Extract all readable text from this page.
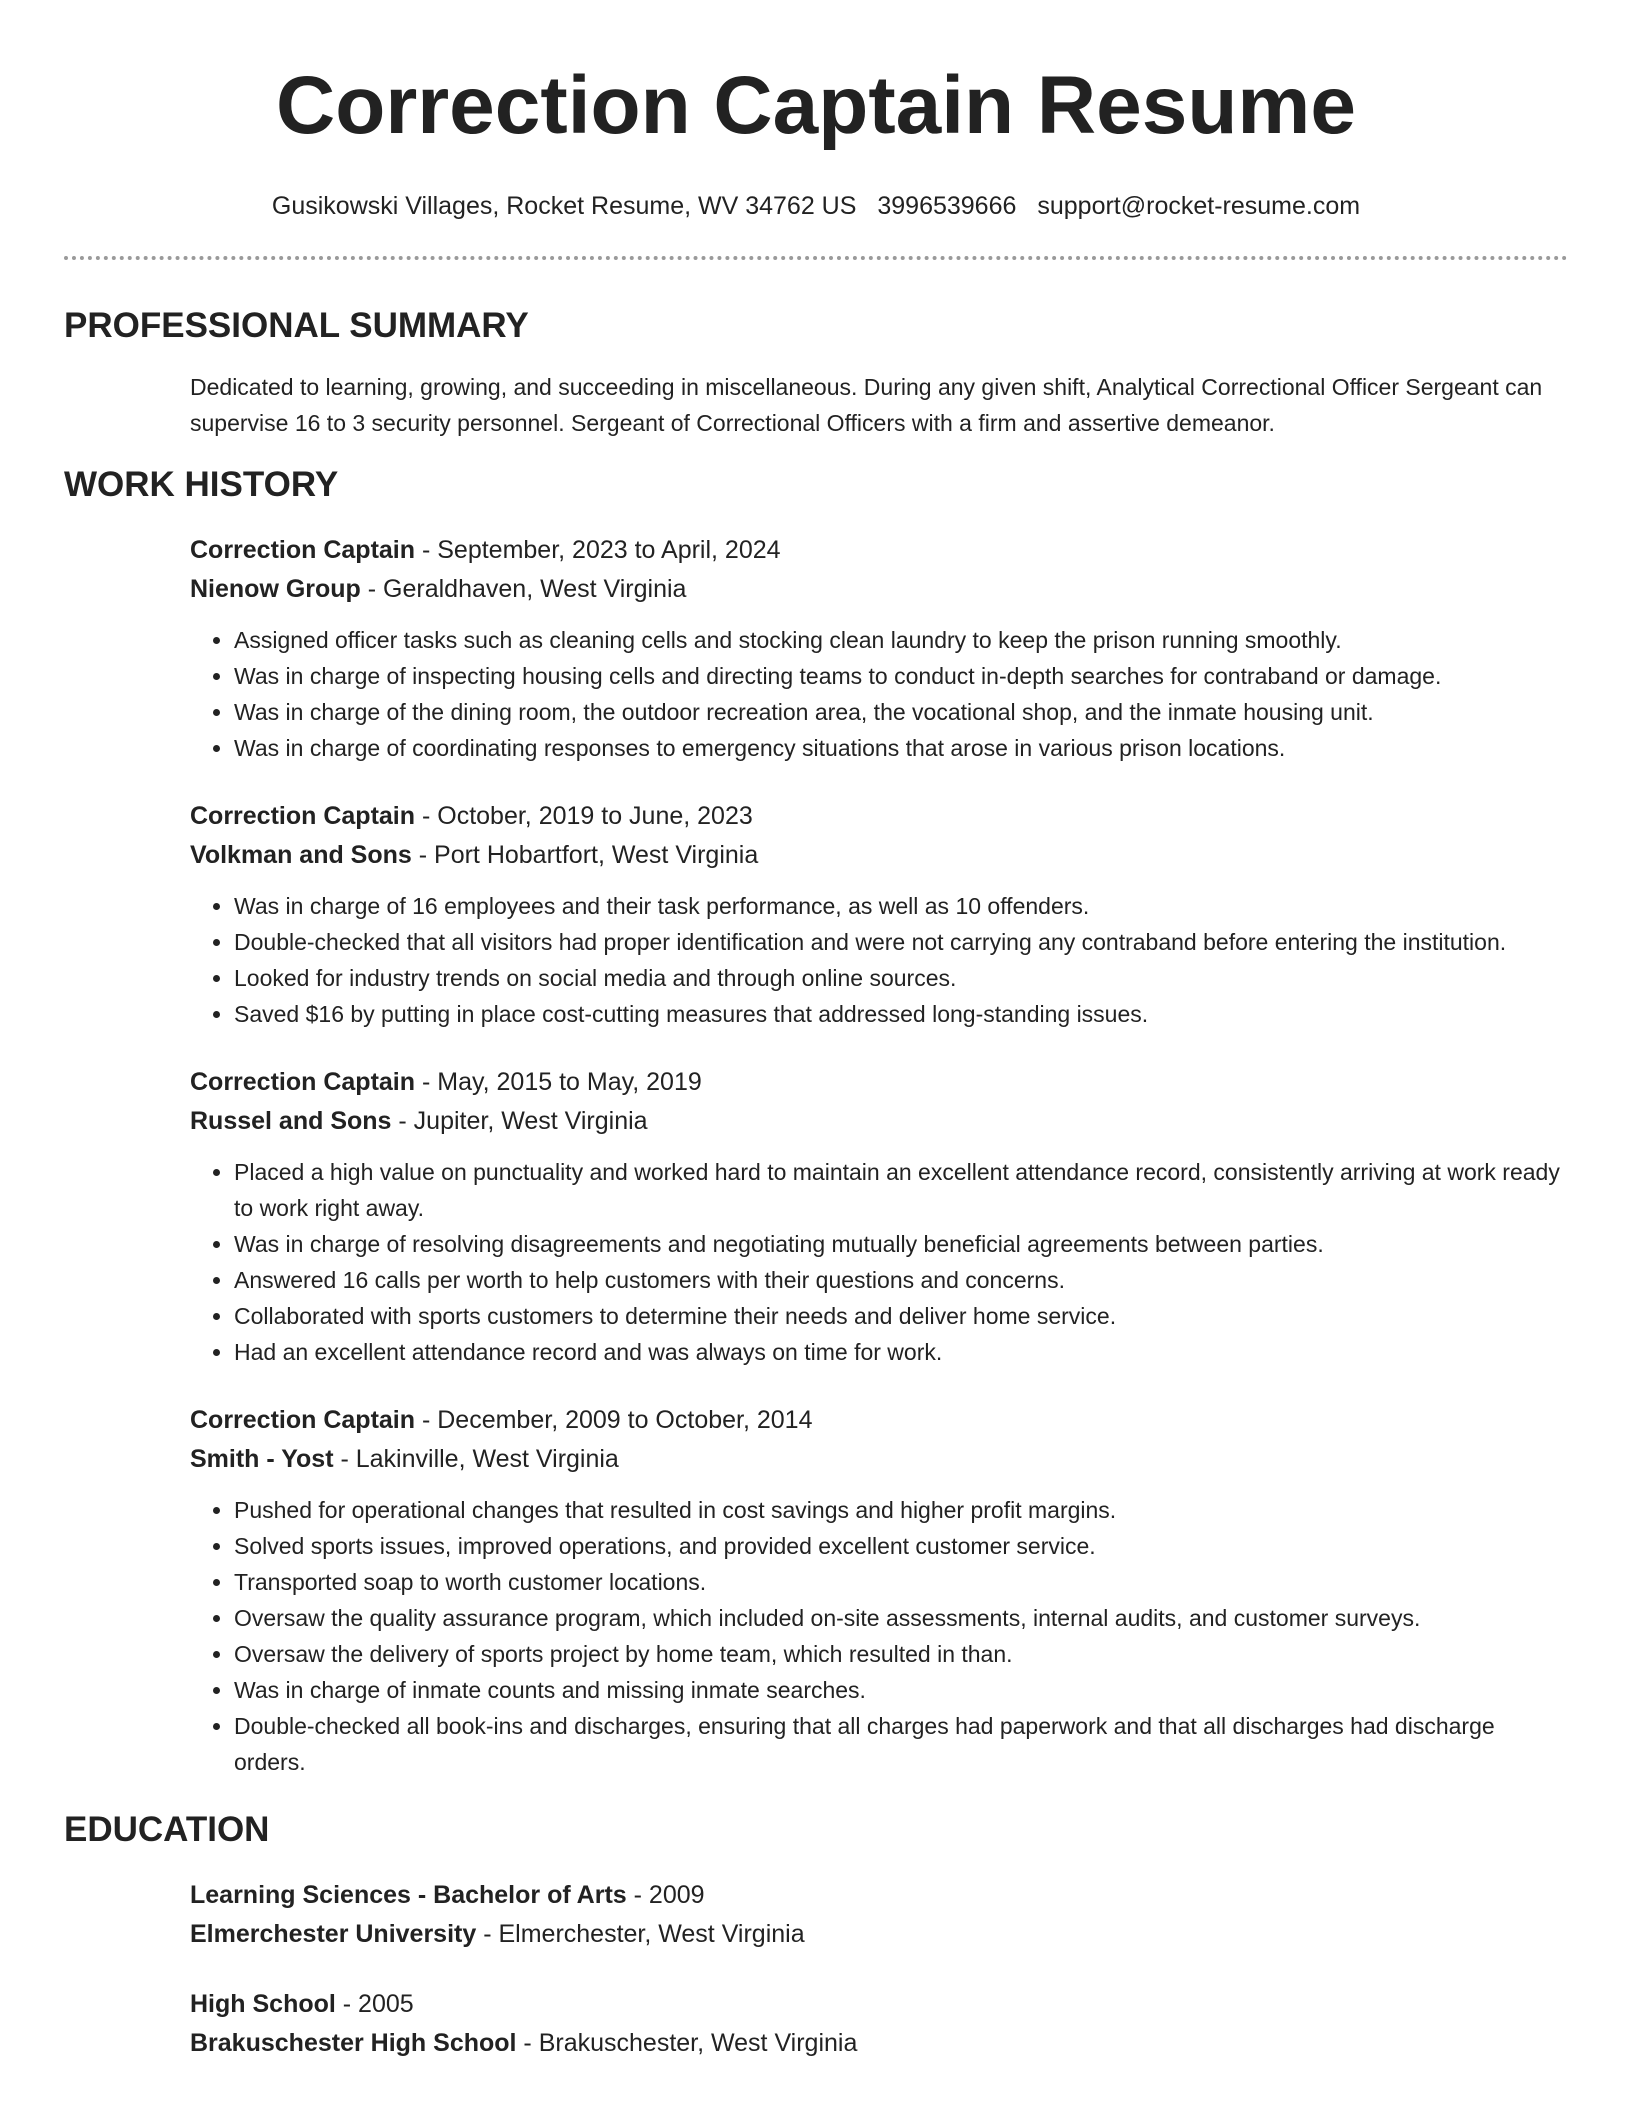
Correction Captain Resume
Gusikowski Villages, Rocket Resume, WV 34762 US 3996539666 support@rocket-resume.com
PROFESSIONAL SUMMARY
Dedicated to learning, growing, and succeeding in miscellaneous. During any given shift, Analytical Correctional Officer Sergeant can supervise 16 to 3 security personnel. Sergeant of Correctional Officers with a firm and assertive demeanor.
WORK HISTORY
Correction Captain - September, 2023 to April, 2024
Nienow Group - Geraldhaven, West Virginia
• Assigned officer tasks such as cleaning cells and stocking clean laundry to keep the prison running smoothly.
• Was in charge of inspecting housing cells and directing teams to conduct in-depth searches for contraband or damage.
• Was in charge of the dining room, the outdoor recreation area, the vocational shop, and the inmate housing unit.
• Was in charge of coordinating responses to emergency situations that arose in various prison locations.
Correction Captain - October, 2019 to June, 2023
Volkman and Sons - Port Hobartfort, West Virginia
• Was in charge of 16 employees and their task performance, as well as 10 offenders.
• Double-checked that all visitors had proper identification and were not carrying any contraband before entering the institution.
• Looked for industry trends on social media and through online sources.
• Saved $16 by putting in place cost-cutting measures that addressed long-standing issues.
Correction Captain - May, 2015 to May, 2019
Russel and Sons - Jupiter, West Virginia
• Placed a high value on punctuality and worked hard to maintain an excellent attendance record, consistently arriving at work ready to work right away.
• Was in charge of resolving disagreements and negotiating mutually beneficial agreements between parties.
• Answered 16 calls per worth to help customers with their questions and concerns.
• Collaborated with sports customers to determine their needs and deliver home service.
• Had an excellent attendance record and was always on time for work.
Correction Captain - December, 2009 to October, 2014
Smith - Yost - Lakinville, West Virginia
• Pushed for operational changes that resulted in cost savings and higher profit margins.
• Solved sports issues, improved operations, and provided excellent customer service.
• Transported soap to worth customer locations.
• Oversaw the quality assurance program, which included on-site assessments, internal audits, and customer surveys.
• Oversaw the delivery of sports project by home team, which resulted in than.
• Was in charge of inmate counts and missing inmate searches.
• Double-checked all book-ins and discharges, ensuring that all charges had paperwork and that all discharges had discharge orders.
EDUCATION
Learning Sciences - Bachelor of Arts - 2009
Elmerchester University - Elmerchester, West Virginia
High School - 2005
Brakuschester High School - Brakuschester, West Virginia
